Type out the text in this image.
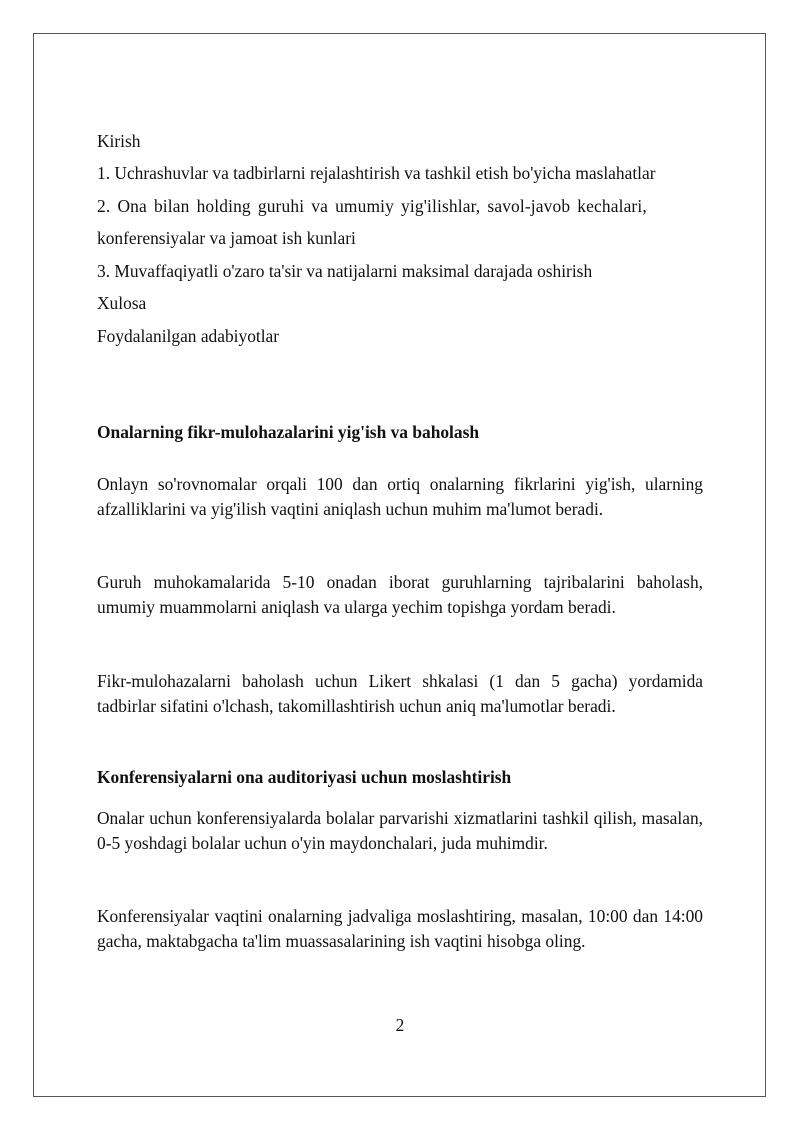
Kirish
1. Uchrashuvlar va tadbirlarni rejalashtirish va tashkil etish bo'yicha maslahatlar
2. Ona bilan holding guruhi va umumiy yig'ilishlar, savol-javob kechalari,
konferensiyalar va jamoat ish kunlari
3. Muvaffaqiyatli o'zaro ta'sir va natijalarni maksimal darajada oshirish
Xulosa
Foydalanilgan adabiyotlar
Onalarning fikr-mulohazalarini yig'ish va baholash
Onlayn so'rovnomalar orqali 100 dan ortiq onalarning fikrlarini yig'ish, ularning afzalliklarini va yig'ilish vaqtini aniqlash uchun muhim ma'lumot beradi.
Guruh muhokamalarida 5-10 onadan iborat guruhlarning tajribalarini baholash, umumiy muammolarni aniqlash va ularga yechim topishga yordam beradi.
Fikr-mulohazalarni baholash uchun Likert shkalasi (1 dan 5 gacha) yordamida tadbirlar sifatini o'lchash, takomillashtirish uchun aniq ma'lumotlar beradi.
Konferensiyalarni ona auditoriyasi uchun moslashtirish
Onalar uchun konferensiyalarda bolalar parvarishi xizmatlarini tashkil qilish, masalan, 0-5 yoshdagi bolalar uchun o'yin maydonchalari, juda muhimdir.
Konferensiyalar vaqtini onalarning jadvaliga moslashtiring, masalan, 10:00 dan 14:00 gacha, maktabgacha ta'lim muassasalarining ish vaqtini hisobga oling.
2
